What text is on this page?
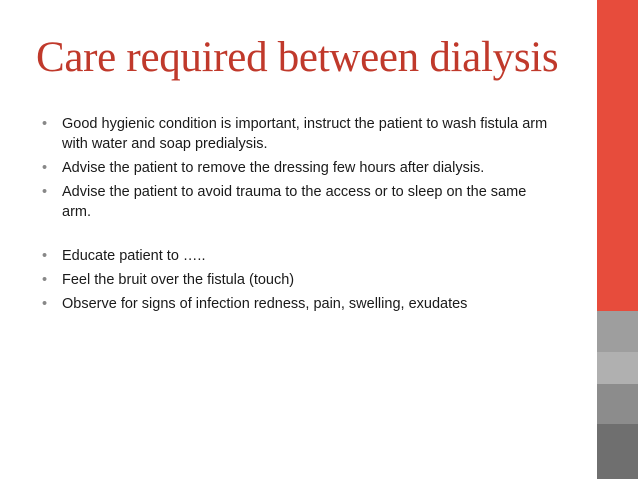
Care required between dialysis
• Good hygienic condition is important, instruct the patient to wash fistula arm with water and soap predialysis.
• Advise the patient to remove the dressing few hours after dialysis.
• Advise the patient to avoid trauma to the access or to sleep on the same arm.
• Educate patient to …..
• Feel the bruit over the fistula (touch)
• Observe for signs of infection redness, pain, swelling, exudates
